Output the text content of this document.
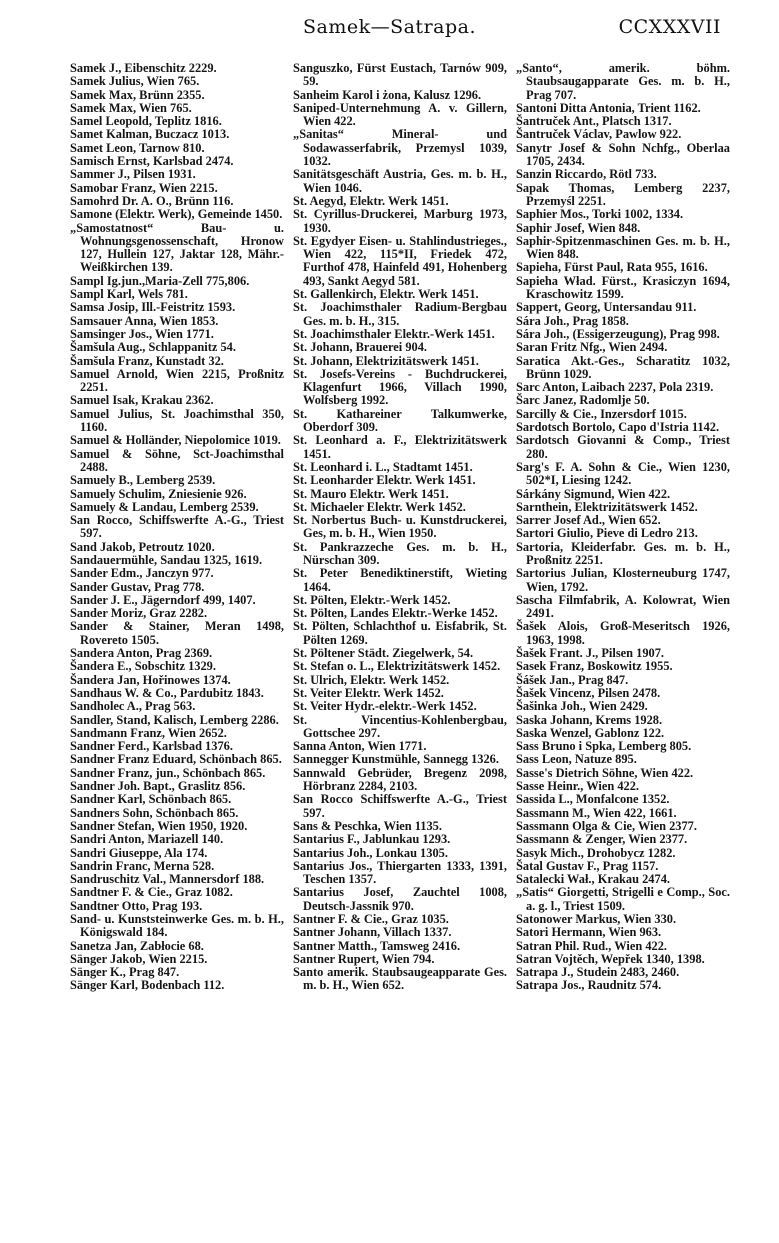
Samek—Satrapa.	CCXXXVII
Samek J., Eibenschitz 2229.
Samek Julius, Wien 765.
Samek Max, Brünn 2355.
Samek Max, Wien 765.
Samel Leopold, Teplitz 1816.
Samet Kalman, Buczacz 1013.
Samet Leon, Tarnow 810.
Samisch Ernst, Karlsbad 2474.
Sammer J., Pilsen 1931.
Samobar Franz, Wien 2215.
Samohrd Dr. A. O., Brünn 116.
Samone (Elektr. Werk), Gemeinde 1450.
„Samostatnost“ Bau- u. Wohnungsgenossenschaft, Hronow 127, Hullein 127, Jaktar 128, Mähr.-Weißkirchen 139.
Sampl Ig.jun.,Maria-Zell 775,806.
Sampl Karl, Wels 781.
Samsa Josip, Ill.-Feistritz 1593.
Samsauer Anna, Wien 1853.
Samsinger Jos., Wien 1771.
Šamšula Aug., Schlappanitz 54.
Šamšula Franz, Kunstadt 32.
Samuel Arnold, Wien 2215, Proßnitz 2251.
Samuel Isak, Krakau 2362.
Samuel Julius, St. Joachimsthal 350, 1160.
Samuel & Holländer, Niepolomice 1019.
Samuel & Söhne, Sct-Joachimsthal 2488.
Samuely B., Lemberg 2539.
Samuely Schulim, Zniesienie 926.
Samuely & Landau, Lemberg 2539.
San Rocco, Schiffswerfte A.-G., Triest 597.
Sand Jakob, Petroutz 1020.
Sandauermühle, Sandau 1325, 1619.
Sander Edm., Janczyn 977.
Sander Gustav, Prag 778.
Sander J. E., Jägerndorf 499, 1407.
Sander Moriz, Graz 2282.
Sander & Stainer, Meran 1498, Rovereto 1505.
Sandera Anton, Prag 2369.
Šandera E., Sobschitz 1329.
Šandera Jan, Hořinowes 1374.
Sandhaus W. & Co., Pardubitz 1843.
Sandholec A., Prag 563.
Sandler, Stand, Kalisch, Lemberg 2286.
Sandmann Franz, Wien 2652.
Sandner Ferd., Karlsbad 1376.
Sandner Franz Eduard, Schönbach 865.
Sandner Franz, jun., Schönbach 865.
Sandner Joh. Bapt., Graslitz 856.
Sandner Karl, Schönbach 865.
Sandners Sohn, Schönbach 865.
Sandner Stefan, Wien 1950, 1920.
Sandri Anton, Mariazell 140.
Sandri Giuseppe, Ala 174.
Sandrin Franc, Merna 528.
Sandruschitz Val., Mannersdorf 188.
Sandtner F. & Cie., Graz 1082.
Sandtner Otto, Prag 193.
Sand- u. Kunststeinwerke Ges. m. b. H., Königswald 184.
Sanetza Jan, Zabłocie 68.
Sänger Jakob, Wien 2215.
Sänger K., Prag 847.
Sänger Karl, Bodenbach 112.
Sanguszko, Fürst Eustach, Tarnów 909, 59.
Sanheim Karol i żona, Kalusz 1296.
Saniped-Unternehmung A. v. Gillern, Wien 422.
„Sanitas“ Mineral- und Sodawasserfabrik, Przemysl 1039, 1032.
Sanitätsgeschäft Austria, Ges. m. b. H., Wien 1046.
St. Aegyd, Elektr. Werk 1451.
St. Cyrillus-Druckerei, Marburg 1973, 1930.
St. Egydyer Eisen- u. Stahlindustrieges., Wien 422, 115*II, Friedek 472, Furthof 478, Hainfeld 491, Hohenberg 493, Sankt Aegyd 581.
St. Gallenkirch, Elektr. Werk 1451.
St. Joachimsthaler Radium-Bergbau Ges. m. b. H., 315.
St. Joachimsthaler Elektr.-Werk 1451.
St. Johann, Brauerei 904.
St. Johann, Elektrizitätswerk 1451.
St. Josefs-Vereins - Buchdruckerei, Klagenfurt 1966, Villach 1990, Wolfsberg 1992.
St. Kathareiner Talkumwerke, Oberdorf 309.
St. Leonhard a. F., Elektrizitätswerk 1451.
St. Leonhard i. L., Stadtamt 1451.
St. Leonharder Elektr. Werk 1451.
St. Mauro Elektr. Werk 1451.
St. Michaeler Elektr. Werk 1452.
St. Norbertus Buch- u. Kunstdruckerei, Ges, m. b. H., Wien 1950.
St. Pankrazzeche Ges. m. b. H., Nürschan 309.
St. Peter Benediktinerstift, Wieting 1464.
St. Pölten, Elektr.-Werk 1452.
St. Pölten, Landes Elektr.-Werke 1452.
St. Pölten, Schlachthof u. Eisfabrik, St. Pölten 1269.
St. Pöltener Städt. Ziegelwerk, 54.
St. Stefan o. L., Elektrizitätswerk 1452.
St. Ulrich, Elektr. Werk 1452.
St. Veiter Elektr. Werk 1452.
St. Veiter Hydr.-elektr.-Werk 1452.
St. Vincentius-Kohlenbergbau, Gottschee 297.
Sanna Anton, Wien 1771.
Sannegger Kunstmühle, Sannegg 1326.
Sannwald Gebrüder, Bregenz 2098, Hörbranz 2284, 2103.
San Rocco Schiffswerfte A.-G., Triest 597.
Sans & Peschka, Wien 1135.
Santarius F., Jablunkau 1293.
Santarius Joh., Lonkau 1305.
Santarius Jos., Thiergarten 1333, 1391, Teschen 1357.
Santarius Josef, Zauchtel 1008, Deutsch-Jassnik 970.
Santner F. & Cie., Graz 1035.
Santner Johann, Villach 1337.
Santner Matth., Tamsweg 2416.
Santner Rupert, Wien 794.
Santo amerik. Staubsaugeapparate Ges. m. b. H., Wien 652.
„Santo“, amerik. böhm. Staubsaugapparate Ges. m. b. H., Prag 707.
Santoni Ditta Antonia, Trient 1162.
Šantruček Ant., Platsch 1317.
Šantruček Václav, Pawlow 922.
Sanytr Josef & Sohn Nchfg., Oberlaa 1705, 2434.
Sanzin Riccardo, Rötl 733.
Sapak Thomas, Lemberg 2237, Przemyśl 2251.
Saphier Mos., Torki 1002, 1334.
Saphir Josef, Wien 848.
Saphir-Spitzenmaschinen Ges. m. b. H., Wien 848.
Sapieha, Fürst Paul, Rata 955, 1616.
Sapieha Wład. Fürst., Krasiczyn 1694, Kraschowitz 1599.
Sappert, Georg, Untersandau 911.
Sára Joh., Prag 1858.
Sára Joh., (Essigerzeugung), Prag 998.
Saran Fritz Nfg., Wien 2494.
Saratica Akt.-Ges., Scharatitz 1032, Brünn 1029.
Sarc Anton, Laibach 2237, Pola 2319.
Šarc Janez, Radomlje 50.
Sarcilly & Cie., Inzersdorf 1015.
Sardotsch Bortolo, Capo d'Istria 1142.
Sardotsch Giovanni & Comp., Triest 280.
Sarg's F. A. Sohn & Cie., Wien 1230, 502*I, Liesing 1242.
Sárkány Sigmund, Wien 422.
Sarnthein, Elektrizitätswerk 1452.
Sarrer Josef Ad., Wien 652.
Sartori Giulio, Pieve di Ledro 213.
Sartoria, Kleiderfabr. Ges. m. b. H., Proßnitz 2251.
Sartorius Julian, Klosterneuburg 1747, Wien, 1792.
Sascha Filmfabrik, A. Kolowrat, Wien 2491.
Šašek Alois, Groß-Meseritsch 1926, 1963, 1998.
Šašek Frant. J., Pilsen 1907.
Sasek Franz, Boskowitz 1955.
Šášek Jan., Prag 847.
Šašek Vincenz, Pilsen 2478.
Šašinka Joh., Wien 2429.
Saska Johann, Krems 1928.
Saska Wenzel, Gablonz 122.
Sass Bruno i Spka, Lemberg 805.
Sass Leon, Natuze 895.
Sasse's Dietrich Söhne, Wien 422.
Sasse Heinr., Wien 422.
Sassida L., Monfalcone 1352.
Sassmann M., Wien 422, 1661.
Sassmann Olga & Cie, Wien 2377.
Sassmann & Zenger, Wien 2377.
Sasyk Mich., Drohobycz 1282.
Šatal Gustav F., Prag 1157.
Satalecki Wał., Krakau 2474.
„Satis“ Giorgetti, Strigelli e Comp., Soc. a. g. l., Triest 1509.
Satonower Markus, Wien 330.
Satori Hermann, Wien 963.
Satran Phil. Rud., Wien 422.
Satran Vojtěch, Wepřek 1340, 1398.
Satrapa J., Studein 2483, 2460.
Satrapa Jos., Raudnitz 574.
